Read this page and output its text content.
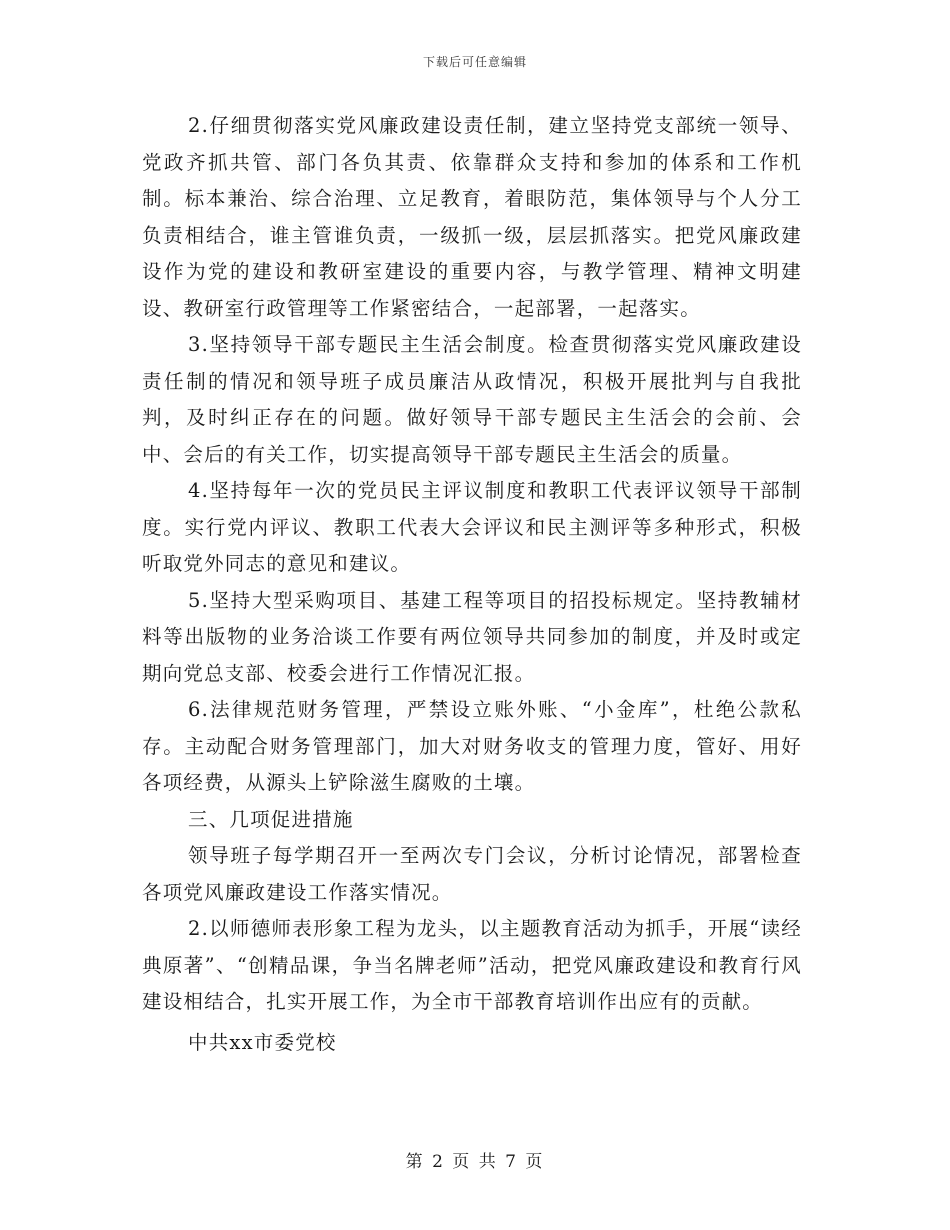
下载后可任意编辑

2.仔细贯彻落实党风廉政建设责任制，建立坚持党支部统一领导、党政齐抓共管、部门各负其责、依靠群众支持和参加的体系和工作机制。标本兼治、综合治理、立足教育，着眼防范，集体领导与个人分工负责相结合，谁主管谁负责，一级抓一级，层层抓落实。把党风廉政建设作为党的建设和教研室建设的重要内容，与教学管理、精神文明建设、教研室行政管理等工作紧密结合，一起部署，一起落实。

3.坚持领导干部专题民主生活会制度。检查贯彻落实党风廉政建设责任制的情况和领导班子成员廉洁从政情况，积极开展批判与自我批判，及时纠正存在的问题。做好领导干部专题民主生活会的会前、会中、会后的有关工作，切实提高领导干部专题民主生活会的质量。

4.坚持每年一次的党员民主评议制度和教职工代表评议领导干部制度。实行党内评议、教职工代表大会评议和民主测评等多种形式，积极听取党外同志的意见和建议。

5.坚持大型采购项目、基建工程等项目的招投标规定。坚持教辅材料等出版物的业务洽谈工作要有两位领导共同参加的制度，并及时或定期向党总支部、校委会进行工作情况汇报。

6.法律规范财务管理，严禁设立账外账、“小金库”，杜绝公款私存。主动配合财务管理部门，加大对财务收支的管理力度，管好、用好各项经费，从源头上铲除滋生腐败的土壤。

三、几项促进措施

领导班子每学期召开一至两次专门会议，分析讨论情况，部署检查各项党风廉政建设工作落实情况。

2.以师德师表形象工程为龙头，以主题教育活动为抓手，开展“读经典原著”、“创精品课，争当名牌老师”活动，把党风廉政建设和教育行风建设相结合，扎实开展工作，为全市干部教育培训作出应有的贡献。

中共xx市委党校

第 2 页 共 7 页
